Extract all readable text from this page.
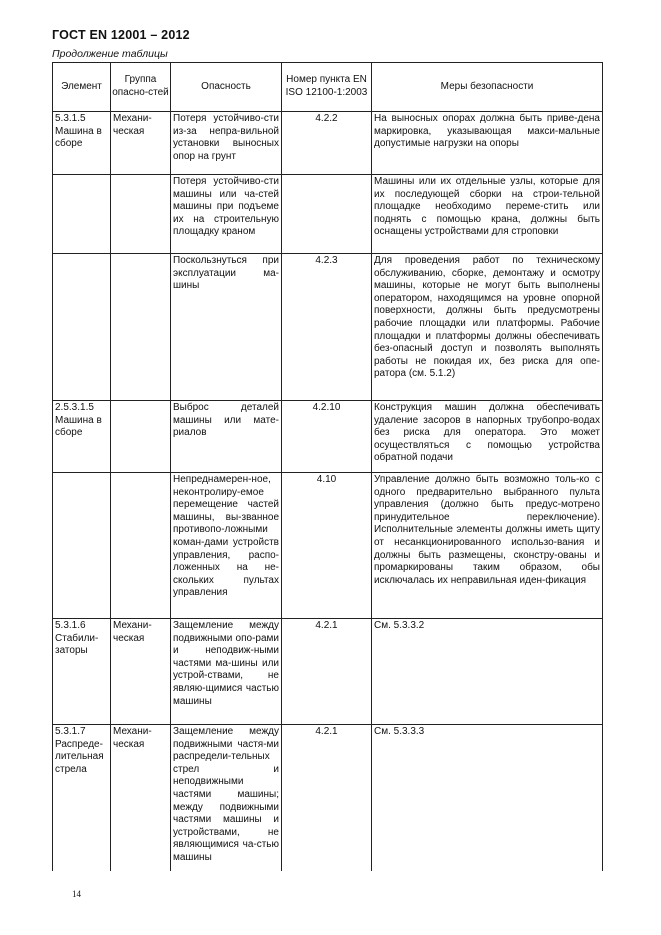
ГОСТ EN 12001 – 2012
Продолжение таблицы
Элемент	Группа опасно-стей	Опасность	Номер пункта EN ISO 12100-1:2003	Меры безопасности
5.3.1.5 Машина в сборе	Механи-ческая	Потеря устойчиво-сти из-за непра-вильной установки выносных опор на грунт	4.2.2	На выносных опорах должна быть приве-дена маркировка, указывающая макси-мальные допустимые нагрузки на опоры
		Потеря устойчиво-сти машины или ча-стей машины при подъеме их на строительную площадку краном		Машины или их отдельные узлы, которые для их последующей сборки на строи-тельной площадке необходимо переме-стить или поднять с помощью крана, должны быть оснащены устройствами для строповки
		Поскользнуться при эксплуатации ма-шины	4.2.3	Для проведения работ по техническому обслуживанию, сборке, демонтажу и осмотру машины, которые не могут быть выполнены оператором, находящимся на уровне опорной поверхности, должны быть предусмотрены рабочие площадки или платформы. Рабочие площадки и платформы должны обеспечивать без-опасный доступ и позволять выполнять работы не покидая их, без риска для опе-ратора (см. 5.1.2)
2.5.3.1.5 Машина в сборе		Выброс деталей машины или мате-риалов	4.2.10	Конструкция машин должна обеспечивать удаление засоров в напорных трубопро-водах без риска для оператора. Это может осуществляться с помощью устройства обратной подачи
		Непреднамерен-ное, неконтролиру-емое перемещение частей машины, вы-званное противопо-ложными коман-дами устройств управления, распо-ложенных на не-скольких пультах управления	4.10	Управление должно быть возможно толь-ко с одного предварительно выбранного пульта управления (должно быть предус-мотрено принудительное переключение). Исполнительные элементы должны иметь щиту от несанкционированного использо-вания и должны быть размещены, сконстру-ованы и промаркированы таким образом, обы исключалась их неправильная иден-фикация
5.3.1.6 Стабили-заторы	Механи-ческая	Защемление между подвижными опо-рами и неподвиж-ными частями ма-шины или устрой-ствами, не являю-щимися частью машины	4.2.1	См. 5.3.3.2
5.3.1.7 Распреде-лительная стрела	Механи-ческая	Защемление между подвижными частя-ми распредели-тельных стрел и неподвижными частями машины; между подвижными частями машины и устройствами, не являющимися ча-стью машины	4.2.1	См. 5.3.3.3
14
